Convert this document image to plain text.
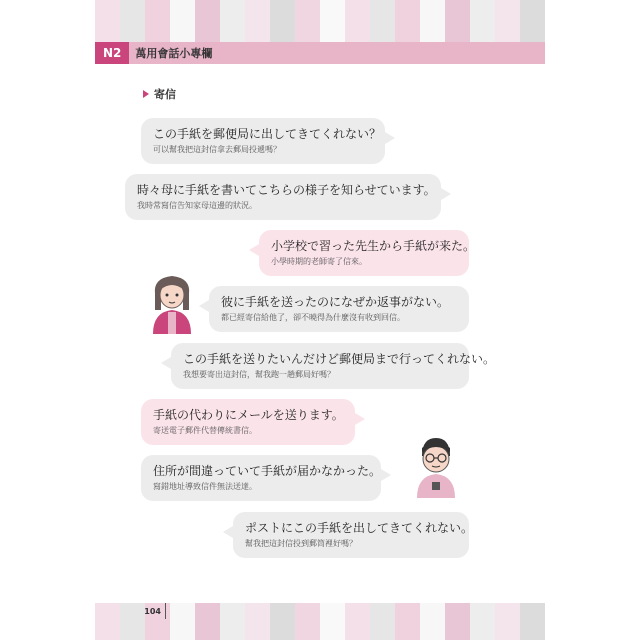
N2	萬用會話小專欄
寄信
この手紙を郵便局に出してきてくれない？
可以幫我把這封信拿去郵局投遞嗎？
時々母に手紙を書いてこちらの様子を知らせています。
我時常寫信告知家母這邊的狀況。
小学校で習った先生から手紙が来た。
小學時期的老師寄了信來。
彼に手紙を送ったのになぜか返事がない。
都已經寄信給他了，卻不曉得為什麼沒有收到回信。
この手紙を送りたいんだけど郵便局まで行ってくれない。
我想要寄出這封信，幫我跑一趟郵局好嗎？
手紙の代わりにメールを送ります。
寄送電子郵件代替傳統書信。
住所が間違っていて手紙が届かなかった。
寫錯地址導致信件無法送達。
ポストにこの手紙を出してきてくれない。
幫我把這封信投到郵筒裡好嗎？
104
